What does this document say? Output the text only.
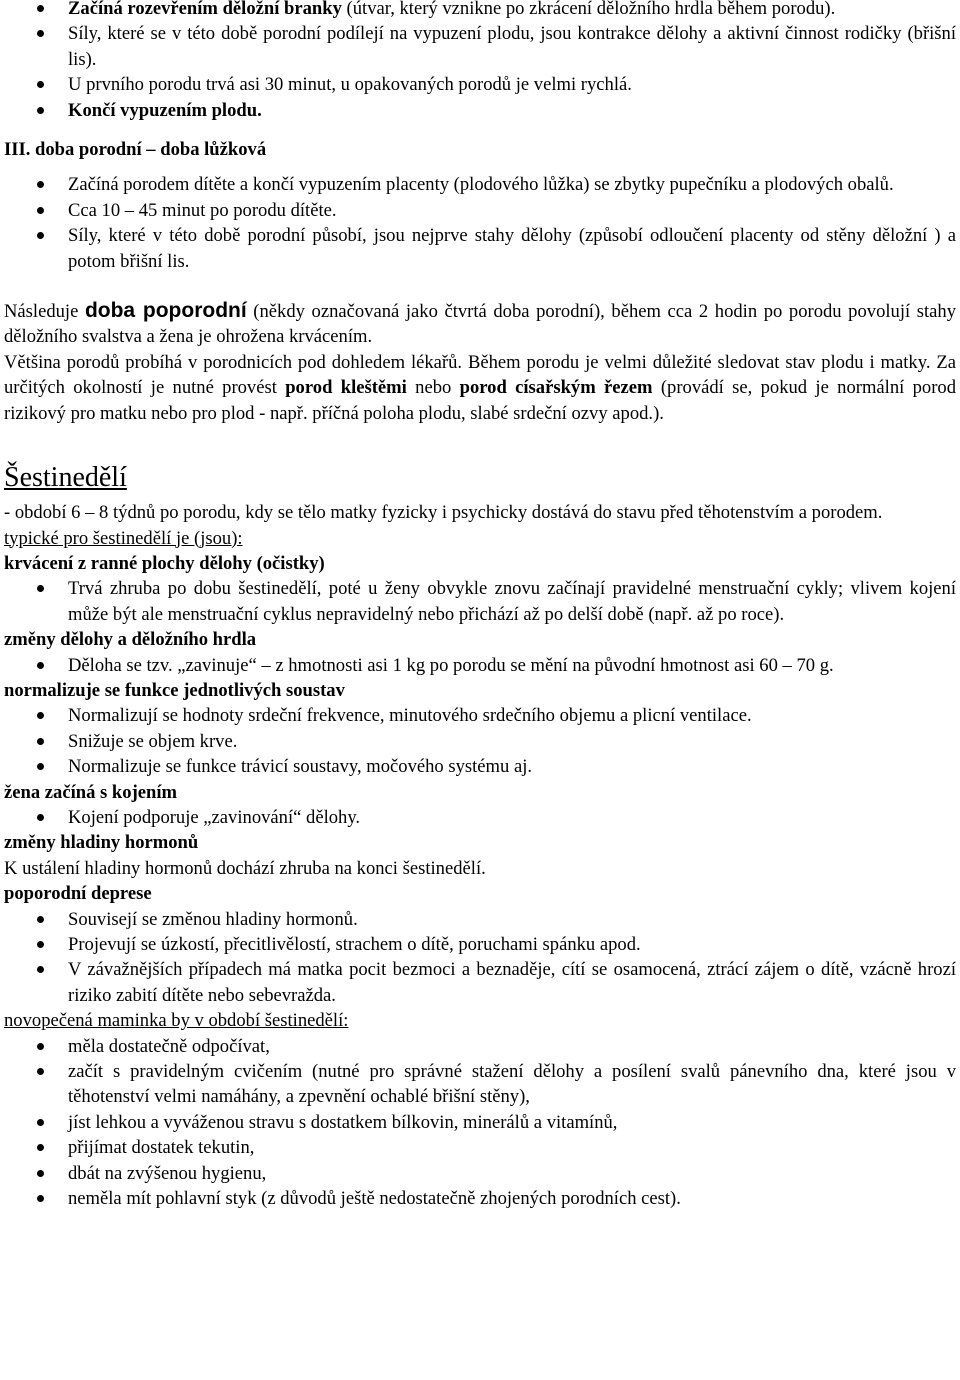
Začíná rozevřením děložní branky (útvar, který vznikne po zkrácení děložního hrdla během porodu).
Síly, které se v této době porodní podílejí na vypuzení plodu, jsou kontrakce dělohy a aktivní činnost rodičky (břišní lis).
U prvního porodu trvá asi 30 minut, u opakovaných porodů je velmi rychlá.
Končí vypuzením plodu.

III. doba porodní – doba lůžková

Začíná porodem dítěte a končí vypuzením placenty (plodového lůžka) se zbytky pupečníku a plodových obalů.
Cca 10 – 45 minut po porodu dítěte.
Síly, které v této době porodní působí, jsou nejprve stahy dělohy (způsobí odloučení placenty od stěny děložní ) a potom břišní lis.

Následuje doba poporodní (někdy označovaná jako čtvrtá doba porodní), během cca 2 hodin po porodu povolují stahy děložního svalstva a žena je ohrožena krvácením.

Většina porodů probíhá v porodnicích pod dohledem lékařů. Během porodu je velmi důležité sledovat stav plodu i matky. Za určitých okolností je nutné provést porod kleštěmi nebo porod císařským řezem (provádí se, pokud je normální porod rizikový pro matku nebo pro plod - např. příčná poloha plodu, slabé srdeční ozvy apod.).

Šestinedělí

- období 6 – 8 týdnů po porodu, kdy se tělo matky fyzicky i psychicky dostává do stavu před těhotenstvím a porodem.

typické pro šestinedělí je (jsou):

krvácení z ranné plochy dělohy (očistky)

Trvá zhruba po dobu šestinedělí, poté u ženy obvykle znovu začínají pravidelné menstruační cykly; vlivem kojení může být ale menstruační cyklus nepravidelný nebo přichází až po delší době (např. až po roce).

změny dělohy a děložního hrdla

Děloha se tzv. „zavinuje“ – z hmotnosti asi 1 kg po porodu se mění na původní hmotnost asi 60 – 70 g.

normalizuje se funkce jednotlivých soustav

Normalizují se hodnoty srdeční frekvence, minutového srdečního objemu a plicní ventilace.
Snižuje se objem krve.
Normalizuje se funkce trávicí soustavy, močového systému aj.

žena začíná s kojením

Kojení podporuje „zavinování“ dělohy.

změny hladiny hormonů

K ustálení hladiny hormonů dochází zhruba na konci šestinedělí.

poporodní deprese

Souvisejí se změnou hladiny hormonů.
Projevují se úzkostí, přecitlivělostí, strachem o dítě, poruchami spánku apod.
V závažnějších případech má matka pocit bezmoci a beznaděje, cítí se osamocená, ztrácí zájem o dítě, vzácně hrozí riziko zabití dítěte nebo sebevražda.

novopečená maminka by v období šestinedělí:

měla dostatečně odpočívat,
začít s pravidelným cvičením (nutné pro správné stažení dělohy a posílení svalů pánevního dna, které jsou v těhotenství velmi namáhány, a zpevnění ochablé břišní stěny),
jíst lehkou a vyváženou stravu s dostatkem bílkovin, minerálů a vitamínů,
přijímat dostatek tekutin,
dbát na zvýšenou hygienu,
neměla mít pohlavní styk (z důvodů ještě nedostatečně zhojených porodních cest).
